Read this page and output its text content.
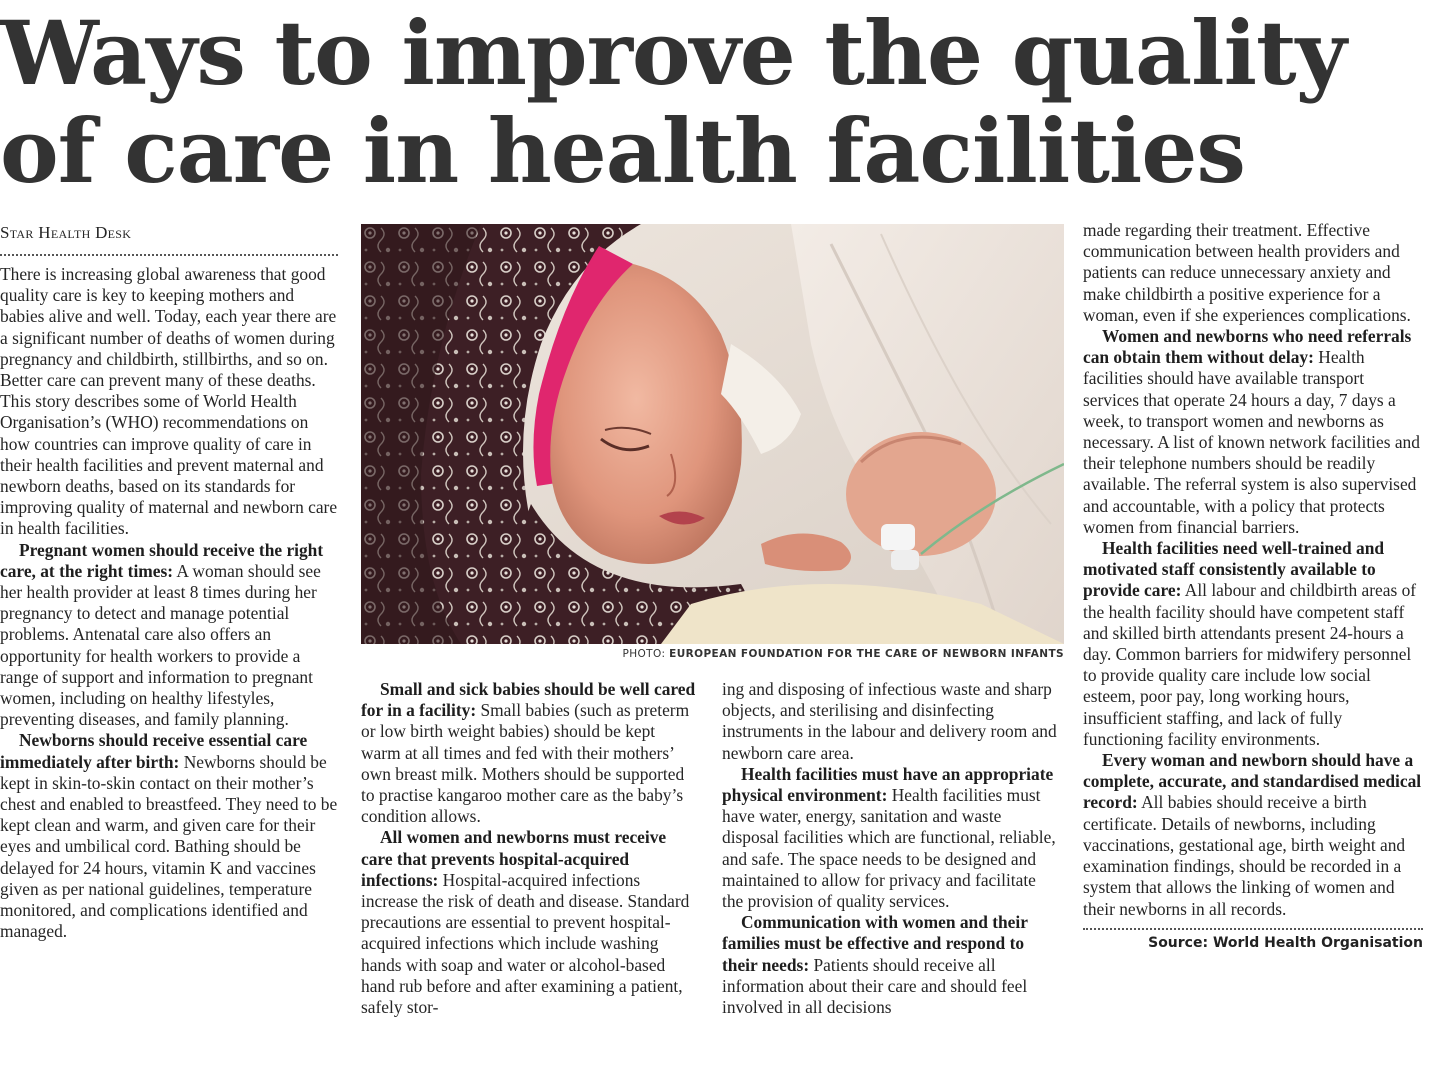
Ways to improve the quality
of care in health facilities
Star Health Desk

There is increasing global awareness that good quality care is key to keeping mothers and babies alive and well. Today, each year there are a significant number of deaths of women during pregnancy and childbirth, stillbirths, and so on. Better care can prevent many of these deaths. This story describes some of World Health Organisation’s (WHO) recommendations on how countries can improve quality of care in their health facilities and prevent maternal and newborn deaths, based on its standards for improving quality of maternal and newborn care in health facilities.

Pregnant women should receive the right care, at the right times: A woman should see her health provider at least 8 times during her pregnancy to detect and manage potential problems. Antenatal care also offers an opportunity for health workers to provide a range of support and information to pregnant women, including on healthy lifestyles, preventing diseases, and family planning.

Newborns should receive essential care immediately after birth: Newborns should be kept in skin-to-skin contact on their mother’s chest and enabled to breastfeed. They need to be kept clean and warm, and given care for their eyes and umbilical cord. Bathing should be delayed for 24 hours, vitamin K and vaccines given as per national guidelines, temperature monitored, and complications identified and managed.

PHOTO: EUROPEAN FOUNDATION FOR THE CARE OF NEWBORN INFANTS

Small and sick babies should be well cared for in a facility: Small babies (such as preterm or low birth weight babies) should be kept warm at all times and fed with their mothers’ own breast milk. Mothers should be supported to practise kangaroo mother care as the baby’s condition allows.

All women and newborns must receive care that prevents hospital-acquired infections: Hospital-acquired infections increase the risk of death and disease. Standard precautions are essential to prevent hospital-acquired infections which include washing hands with soap and water or alcohol-based hand rub before and after examining a patient, safely stor-

ing and disposing of infectious waste and sharp objects, and sterilising and disinfecting instruments in the labour and delivery room and newborn care area.

Health facilities must have an appropriate physical environment: Health facilities must have water, energy, sanitation and waste disposal facilities which are functional, reliable, and safe. The space needs to be designed and maintained to allow for privacy and facilitate the provision of quality services.

Communication with women and their families must be effective and respond to their needs: Patients should receive all information about their care and should feel involved in all decisions

made regarding their treatment. Effective communication between health providers and patients can reduce unnecessary anxiety and make childbirth a positive experience for a woman, even if she experiences complications.

Women and newborns who need referrals can obtain them without delay: Health facilities should have available transport services that operate 24 hours a day, 7 days a week, to transport women and newborns as necessary. A list of known network facilities and their telephone numbers should be readily available. The referral system is also supervised and accountable, with a policy that protects women from financial barriers.

Health facilities need well-trained and motivated staff consistently available to provide care: All labour and childbirth areas of the health facility should have competent staff and skilled birth attendants present 24-hours a day. Common barriers for midwifery personnel to provide quality care include low social esteem, poor pay, long working hours, insufficient staffing, and lack of fully functioning facility environments.

Every woman and newborn should have a complete, accurate, and standardised medical record: All babies should receive a birth certificate. Details of newborns, including vaccinations, gestational age, birth weight and examination findings, should be recorded in a system that allows the linking of women and their newborns in all records.

Source: World Health Organisation
